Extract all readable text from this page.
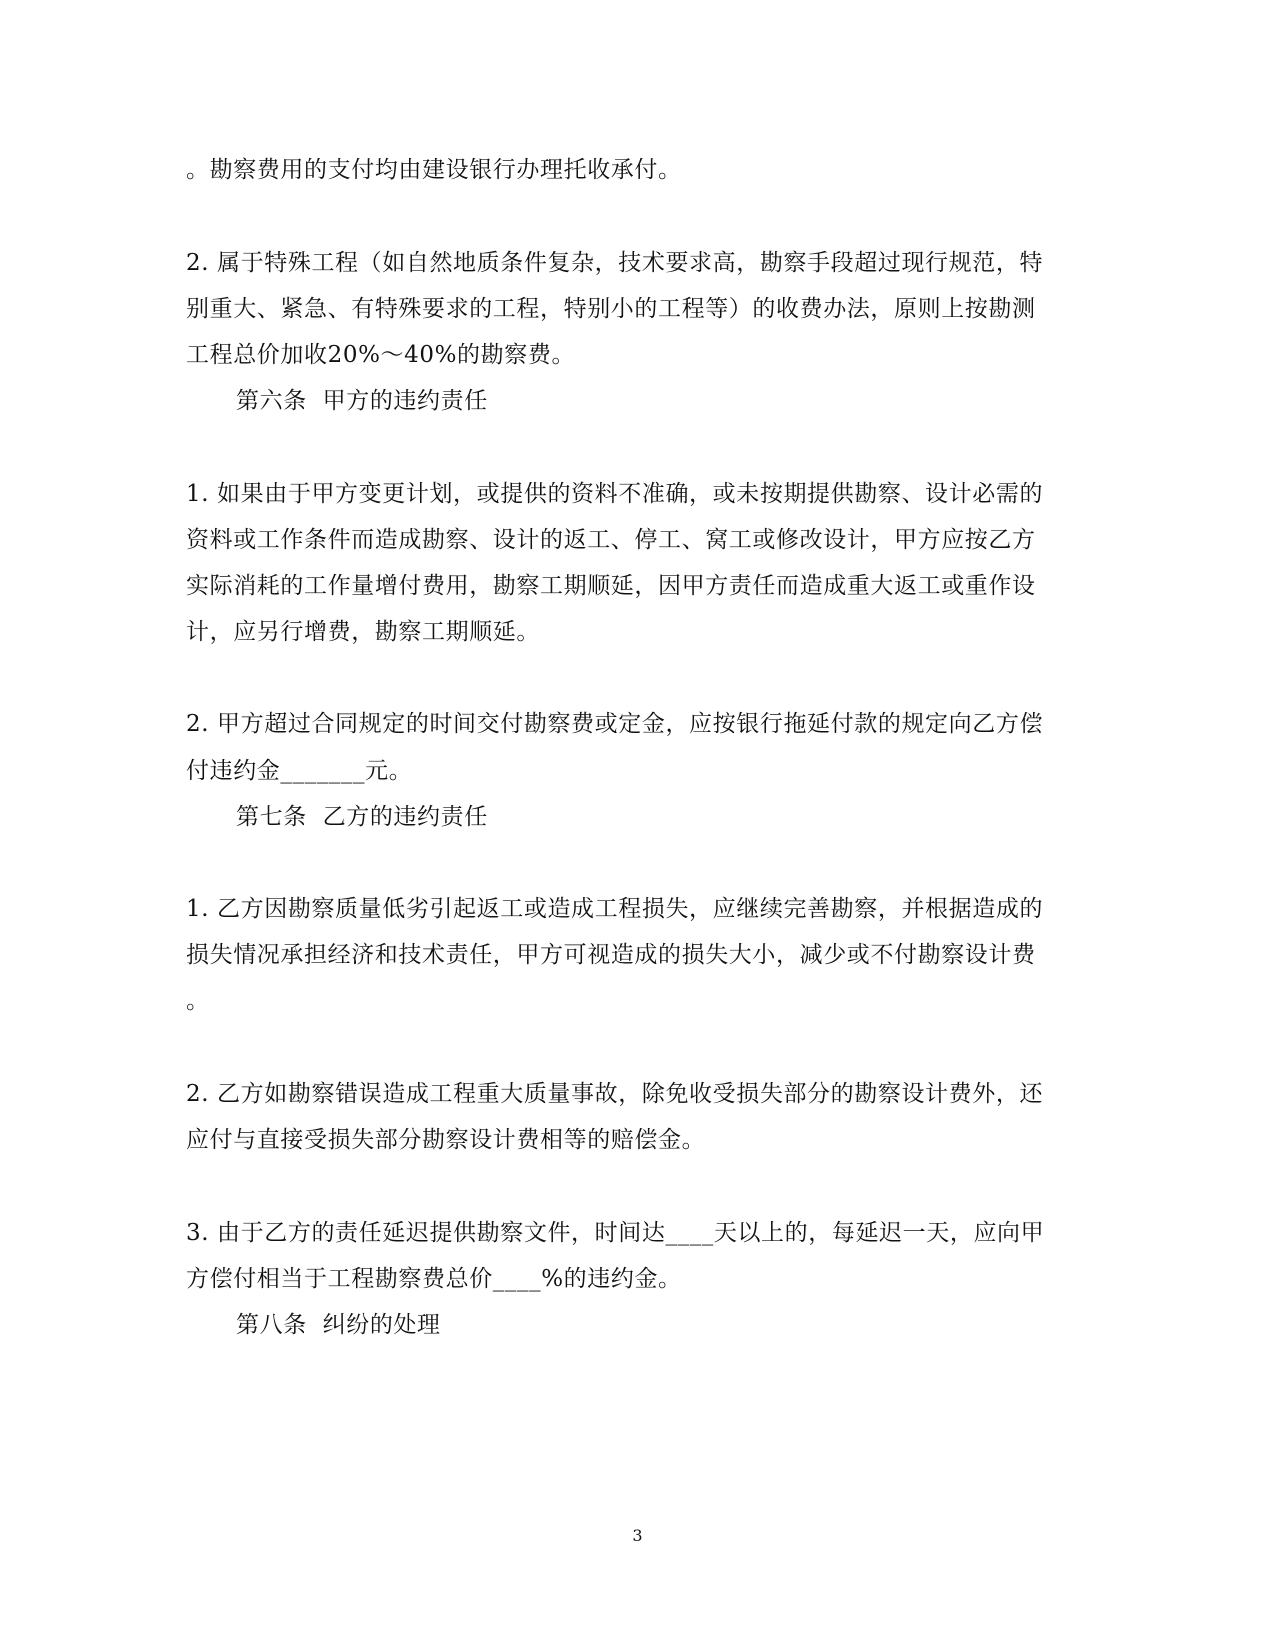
。勘察费用的支付均由建设银行办理托收承付。
2. 属于特殊工程（如自然地质条件复杂，技术要求高，勘察手段超过现行规范，特
别重大、紧急、有特殊要求的工程，特别小的工程等）的收费办法，原则上按勘测
工程总价加收20%～40%的勘察费。
第六条  甲方的违约责任
1. 如果由于甲方变更计划，或提供的资料不准确，或未按期提供勘察、设计必需的
资料或工作条件而造成勘察、设计的返工、停工、窝工或修改设计，甲方应按乙方
实际消耗的工作量增付费用，勘察工期顺延，因甲方责任而造成重大返工或重作设
计，应另行增费，勘察工期顺延。
2. 甲方超过合同规定的时间交付勘察费或定金，应按银行拖延付款的规定向乙方偿
付违约金_______元。
第七条  乙方的违约责任
1. 乙方因勘察质量低劣引起返工或造成工程损失，应继续完善勘察，并根据造成的
损失情况承担经济和技术责任，甲方可视造成的损失大小，减少或不付勘察设计费
。
2. 乙方如勘察错误造成工程重大质量事故，除免收受损失部分的勘察设计费外，还
应付与直接受损失部分勘察设计费相等的赔偿金。
3. 由于乙方的责任延迟提供勘察文件，时间达____天以上的，每延迟一天，应向甲
方偿付相当于工程勘察费总价____%的违约金。
第八条  纠纷的处理
3
